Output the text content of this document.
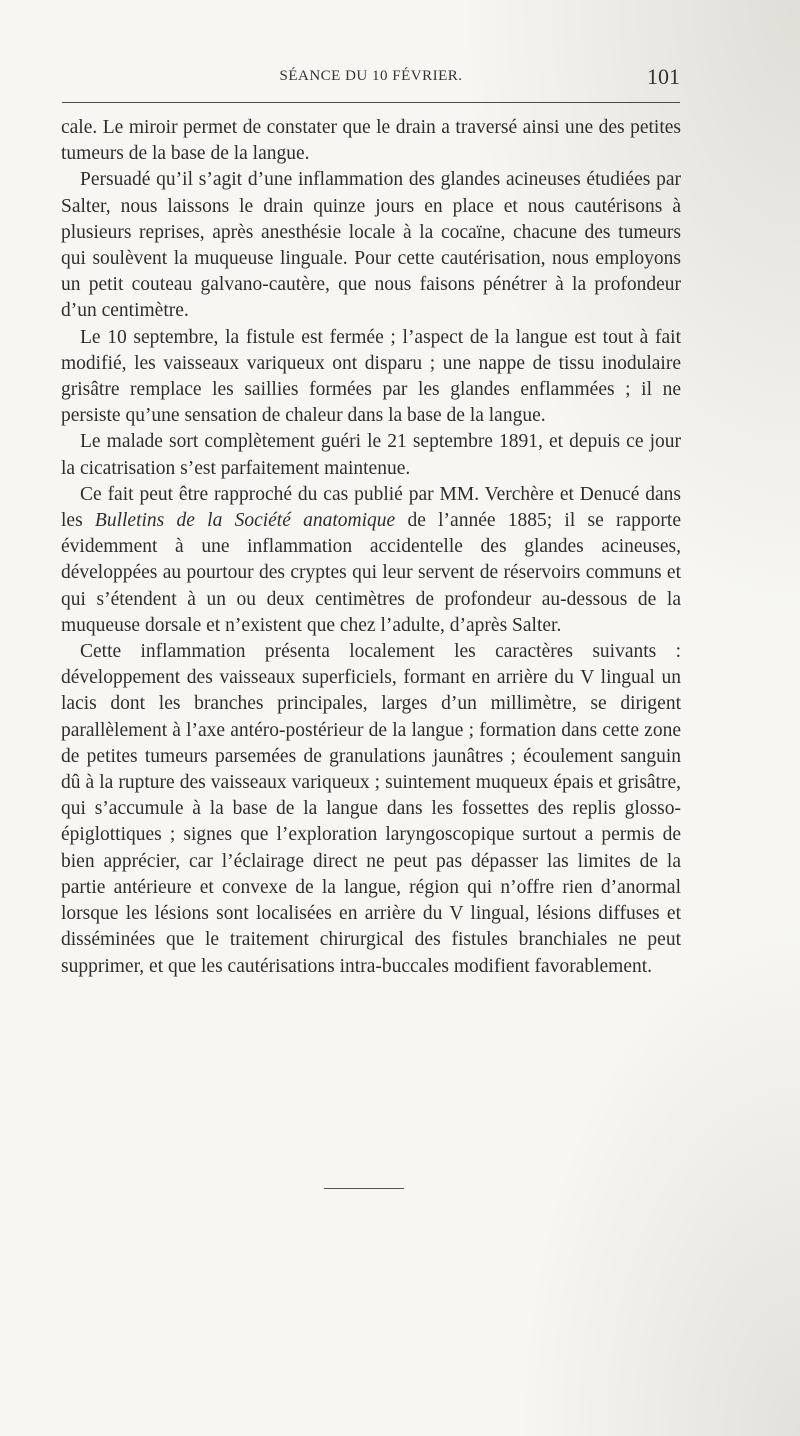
SÉANCE DU 10 FÉVRIER.	101

cale. Le miroir permet de constater que le drain a traversé ainsi une des petites tumeurs de la base de la langue.

Persuadé qu’il s’agit d’une inflammation des glandes acineuses étudiées par Salter, nous laissons le drain quinze jours en place et nous cautérisons à plusieurs reprises, après anesthésie locale à la cocaïne, chacune des tumeurs qui soulèvent la muqueuse linguale. Pour cette cautérisation, nous employons un petit couteau galvano-cautère, que nous faisons pénétrer à la profondeur d’un centimètre.

Le 10 septembre, la fistule est fermée ; l’aspect de la langue est tout à fait modifié, les vaisseaux variqueux ont disparu ; une nappe de tissu inodulaire grisâtre remplace les saillies formées par les glandes enflammées ; il ne persiste qu’une sensation de chaleur dans la base de la langue.

Le malade sort complètement guéri le 21 septembre 1891, et depuis ce jour la cicatrisation s’est parfaitement maintenue.

Ce fait peut être rapproché du cas publié par MM. Verchère et Denucé dans les Bulletins de la Société anatomique de l’année 1885; il se rapporte évidemment à une inflammation accidentelle des glandes acineuses, développées au pourtour des cryptes qui leur servent de réservoirs communs et qui s’étendent à un ou deux centimètres de profondeur au-dessous de la muqueuse dorsale et n’existent que chez l’adulte, d’après Salter.

Cette inflammation présenta localement les caractères suivants : développement des vaisseaux superficiels, formant en arrière du V lingual un lacis dont les branches principales, larges d’un millimètre, se dirigent parallèlement à l’axe antéro-postérieur de la langue ; formation dans cette zone de petites tumeurs parsemées de granulations jaunâtres ; écoulement sanguin dû à la rupture des vaisseaux variqueux ; suintement muqueux épais et grisâtre, qui s’accumule à la base de la langue dans les fossettes des replis glosso-épiglottiques ; signes que l’exploration laryngoscopique surtout a permis de bien apprécier, car l’éclairage direct ne peut pas dépasser las limites de la partie antérieure et convexe de la langue, région qui n’offre rien d’anormal lorsque les lésions sont localisées en arrière du V lingual, lésions diffuses et disséminées que le traitement chirurgical des fistules branchiales ne peut supprimer, et que les cautérisations intra-buccales modifient favorablement.
